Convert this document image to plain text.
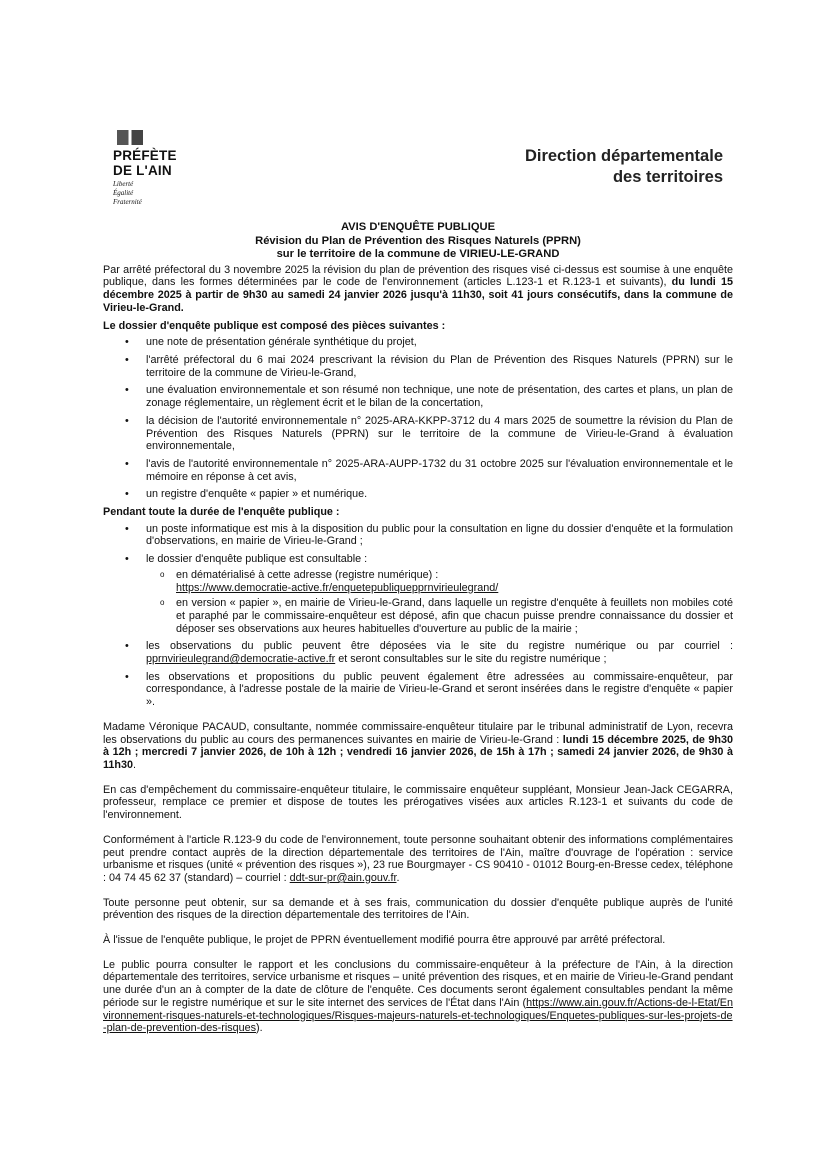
PRÉFÈTE
DE L'AIN
Liberté
Égalité
Fraternité
Direction départementale
des territoires
AVIS D'ENQUÊTE PUBLIQUE
Révision du Plan de Prévention des Risques Naturels (PPRN)
sur le territoire de la commune de VIRIEU-LE-GRAND

Par arrêté préfectoral du 3 novembre 2025 la révision du plan de prévention des risques visé ci-dessus est soumise à une enquête publique, dans les formes déterminées par le code de l'environnement (articles L.123-1 et R.123-1 et suivants), du lundi 15 décembre 2025 à partir de 9h30 au samedi 24 janvier 2026 jusqu'à 11h30, soit 41 jours consécutifs, dans la commune de Virieu-le-Grand.

Le dossier d'enquête publique est composé des pièces suivantes :

• une note de présentation générale synthétique du projet,
• l'arrêté préfectoral du 6 mai 2024 prescrivant la révision du Plan de Prévention des Risques Naturels (PPRN) sur le territoire de la commune de Virieu-le-Grand,
• une évaluation environnementale et son résumé non technique, une note de présentation, des cartes et plans, un plan de zonage réglementaire, un règlement écrit et le bilan de la concertation,
• la décision de l'autorité environnementale n° 2025-ARA-KKPP-3712 du 4 mars 2025 de soumettre la révision du Plan de Prévention des Risques Naturels (PPRN) sur le territoire de la commune de Virieu-le-Grand à évaluation environnementale,
• l'avis de l'autorité environnementale n° 2025-ARA-AUPP-1732 du 31 octobre 2025 sur l'évaluation environnementale et le mémoire en réponse à cet avis,
• un registre d'enquête « papier » et numérique.

Pendant toute la durée de l'enquête publique :

• un poste informatique est mis à la disposition du public pour la consultation en ligne du dossier d'enquête et la formulation d'observations, en mairie de Virieu-le-Grand ;
• le dossier d'enquête publique est consultable :
o en dématérialisé à cette adresse (registre numérique) :
https://www.democratie-active.fr/enquetepubliquepprnvirieulegrand/
o en version « papier », en mairie de Virieu-le-Grand, dans laquelle un registre d'enquête à feuillets non mobiles coté et paraphé par le commissaire-enquêteur est déposé, afin que chacun puisse prendre connaissance du dossier et déposer ses observations aux heures habituelles d'ouverture au public de la mairie ;
• les observations du public peuvent être déposées via le site du registre numérique ou par courriel : pprnvirieulegrand@democratie-active.fr et seront consultables sur le site du registre numérique ;
• les observations et propositions du public peuvent également être adressées au commissaire-enquêteur, par correspondance, à l'adresse postale de la mairie de Virieu-le-Grand et seront insérées dans le registre d'enquête « papier ».

Madame Véronique PACAUD, consultante, nommée commissaire-enquêteur titulaire par le tribunal administratif de Lyon, recevra les observations du public au cours des permanences suivantes en mairie de Virieu-le-Grand : lundi 15 décembre 2025, de 9h30 à 12h ; mercredi 7 janvier 2026, de 10h à 12h ; vendredi 16 janvier 2026, de 15h à 17h ; samedi 24 janvier 2026, de 9h30 à 11h30.

En cas d'empêchement du commissaire-enquêteur titulaire, le commissaire enquêteur suppléant, Monsieur Jean-Jack CEGARRA, professeur, remplace ce premier et dispose de toutes les prérogatives visées aux articles R.123-1 et suivants du code de l'environnement.

Conformément à l'article R.123-9 du code de l'environnement, toute personne souhaitant obtenir des informations complémentaires peut prendre contact auprès de la direction départementale des territoires de l'Ain, maître d'ouvrage de l'opération : service urbanisme et risques (unité « prévention des risques »), 23 rue Bourgmayer - CS 90410 - 01012 Bourg-en-Bresse cedex, téléphone : 04 74 45 62 37 (standard) – courriel : ddt-sur-pr@ain.gouv.fr.

Toute personne peut obtenir, sur sa demande et à ses frais, communication du dossier d'enquête publique auprès de l'unité prévention des risques de la direction départementale des territoires de l'Ain.

À l'issue de l'enquête publique, le projet de PPRN éventuellement modifié pourra être approuvé par arrêté préfectoral.

Le public pourra consulter le rapport et les conclusions du commissaire-enquêteur à la préfecture de l'Ain, à la direction départementale des territoires, service urbanisme et risques – unité prévention des risques, et en mairie de Virieu-le-Grand pendant une durée d'un an à compter de la date de clôture de l'enquête. Ces documents seront également consultables pendant la même période sur le registre numérique et sur le site internet des services de l'État dans l'Ain (https://www.ain.gouv.fr/Actions-de-l-Etat/Environnement-risques-naturels-et-technologiques/Risques-majeurs-naturels-et-technologiques/Enquetes-publiques-sur-les-projets-de-plan-de-prevention-des-risques).
